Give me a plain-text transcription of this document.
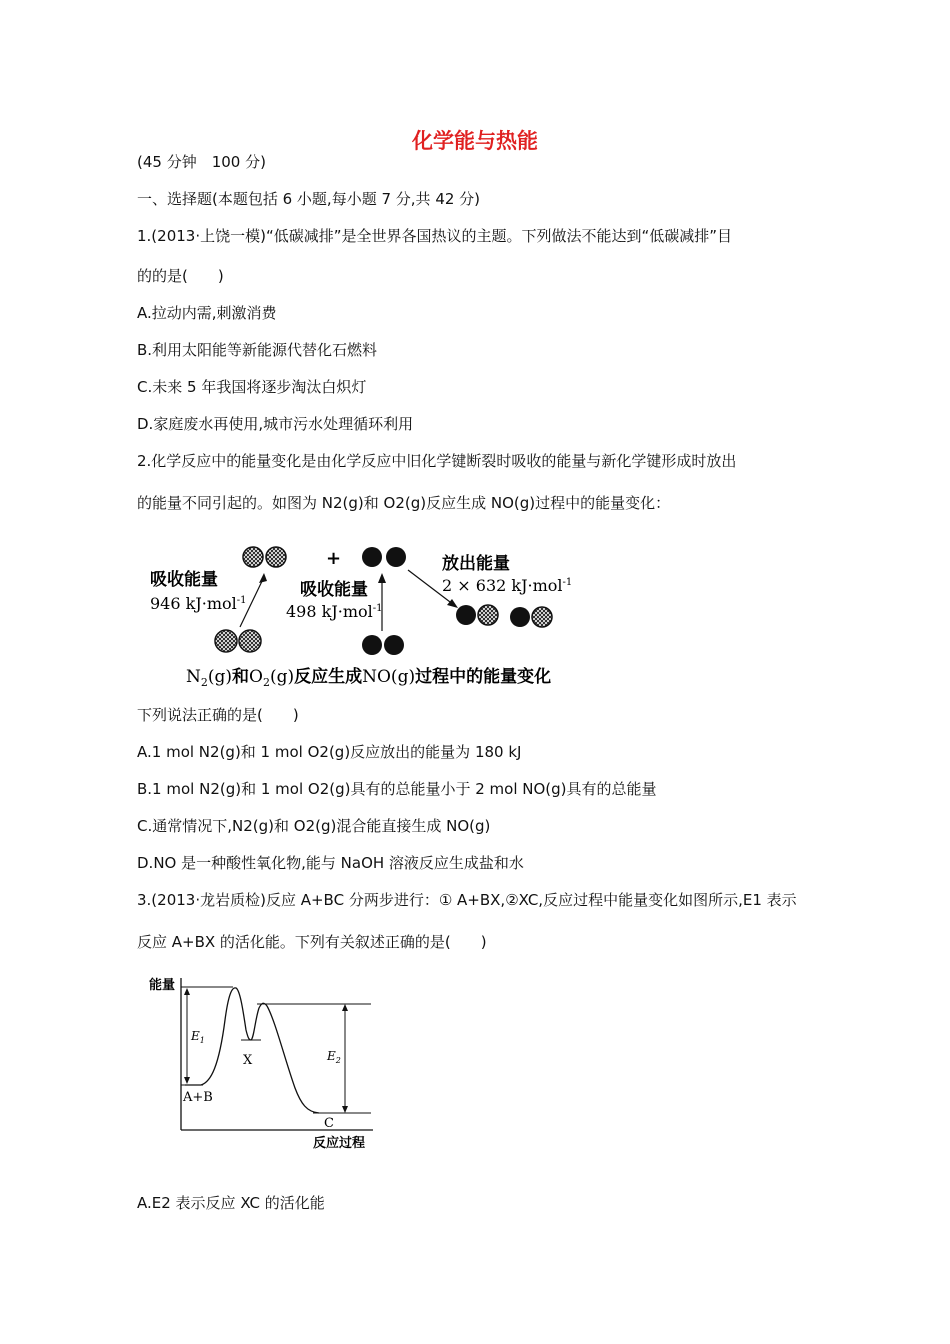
化学能与热能
(45 分钟　100 分)
一、选择题(本题包括 6 小题,每小题 7 分,共 42 分)
1.(2013·上饶一模)“低碳减排”是全世界各国热议的主题。下列做法不能达到“低碳减排”目
的的是(　　)
A.拉动内需,刺激消费
B.利用太阳能等新能源代替化石燃料
C.未来 5 年我国将逐步淘汰白炽灯
D.家庭废水再使用,城市污水处理循环利用
2.化学反应中的能量变化是由化学反应中旧化学键断裂时吸收的能量与新化学键形成时放出
的能量不同引起的。如图为 N2(g)和 O2(g)反应生成 NO(g)过程中的能量变化：
+
吸收能量
946 kJ·mol$^{-1}$
吸收能量
498 kJ·mol$^{-1}$
放出能量
2 × 632 kJ·mol$^{-1}$
$N_2(g)$和$O_2(g)$反应生成NO(g)过程中的能量变化
下列说法正确的是(　　)
A.1 mol N2(g)和 1 mol O2(g)反应放出的能量为 180 kJ
B.1 mol N2(g)和 1 mol O2(g)具有的总能量小于 2 mol NO(g)具有的总能量
C.通常情况下,N2(g)和 O2(g)混合能直接生成 NO(g)
D.NO 是一种酸性氧化物,能与 NaOH 溶液反应生成盐和水
3.(2013·龙岩质检)反应 A+BC 分两步进行：① A+BX,②XC,反应过程中能量变化如图所示,E1 表示
反应 A+BX 的活化能。下列有关叙述正确的是(　　)
能量
反应过程
$E_1$
$E_2$
X
A+B
C
A.E2 表示反应 XC 的活化能
